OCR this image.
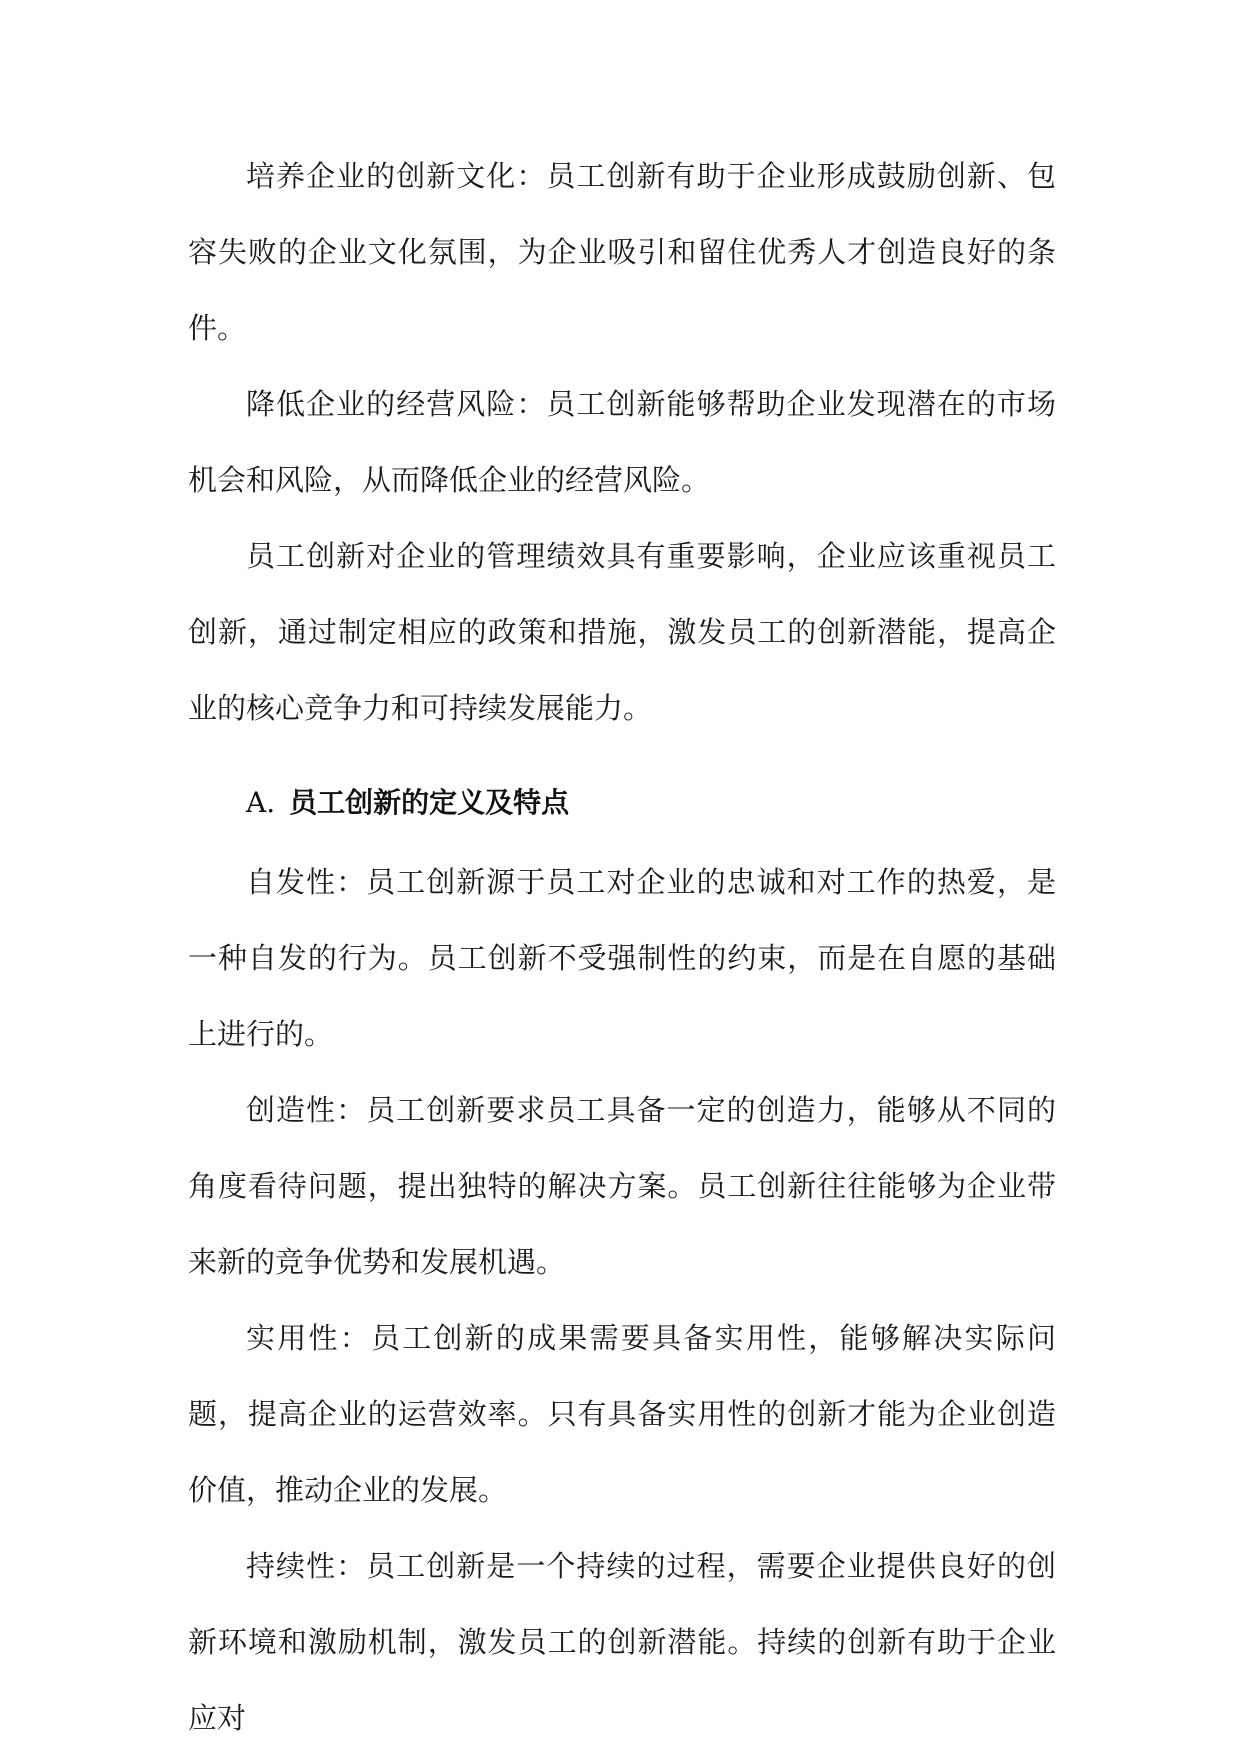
培养企业的创新文化：员工创新有助于企业形成鼓励创新、包容失败的企业文化氛围，为企业吸引和留住优秀人才创造良好的条件。

降低企业的经营风险：员工创新能够帮助企业发现潜在的市场机会和风险，从而降低企业的经营风险。

员工创新对企业的管理绩效具有重要影响，企业应该重视员工创新，通过制定相应的政策和措施，激发员工的创新潜能，提高企业的核心竞争力和可持续发展能力。

A. 员工创新的定义及特点

自发性：员工创新源于员工对企业的忠诚和对工作的热爱，是一种自发的行为。员工创新不受强制性的约束，而是在自愿的基础上进行的。

创造性：员工创新要求员工具备一定的创造力，能够从不同的角度看待问题，提出独特的解决方案。员工创新往往能够为企业带来新的竞争优势和发展机遇。

实用性：员工创新的成果需要具备实用性，能够解决实际问题，提高企业的运营效率。只有具备实用性的创新才能为企业创造价值，推动企业的发展。

持续性：员工创新是一个持续的过程，需要企业提供良好的创新环境和激励机制，激发员工的创新潜能。持续的创新有助于企业应对
